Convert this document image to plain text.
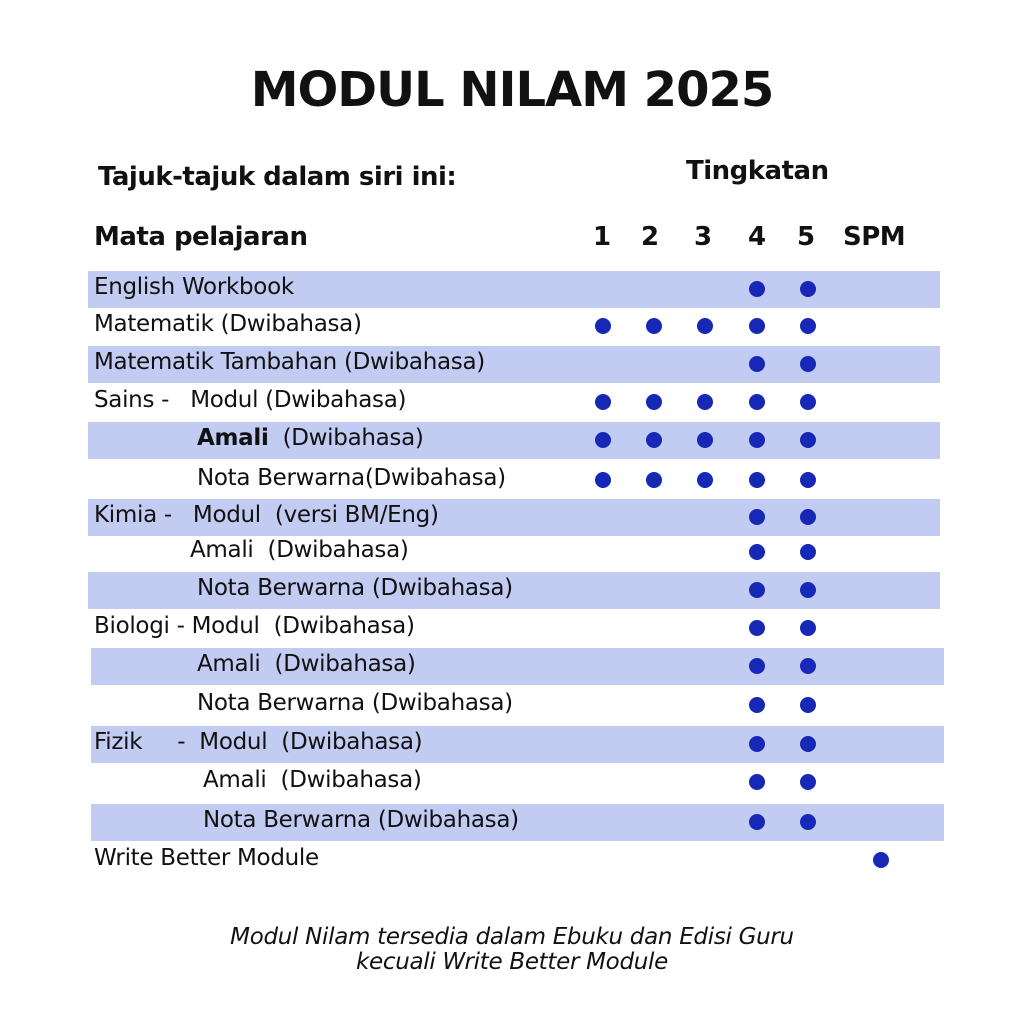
MODUL NILAM 2025
Tajuk-tajuk dalam siri ini:	Tingkatan
Mata pelajaran	1 2 3 4 5 SPM
English Workbook
Matematik (Dwibahasa)
Matematik Tambahan (Dwibahasa)
Sains -   Modul (Dwibahasa)
Amali  (Dwibahasa)
Nota Berwarna(Dwibahasa)
Kimia -   Modul  (versi BM/Eng)
Amali  (Dwibahasa)
Nota Berwarna (Dwibahasa)
Biologi - Modul  (Dwibahasa)
Amali  (Dwibahasa)
Nota Berwarna (Dwibahasa)
Fizik     -  Modul  (Dwibahasa)
Amali  (Dwibahasa)
Nota Berwarna (Dwibahasa)
Write Better Module
Modul Nilam tersedia dalam Ebuku dan Edisi Guru
kecuali Write Better Module
